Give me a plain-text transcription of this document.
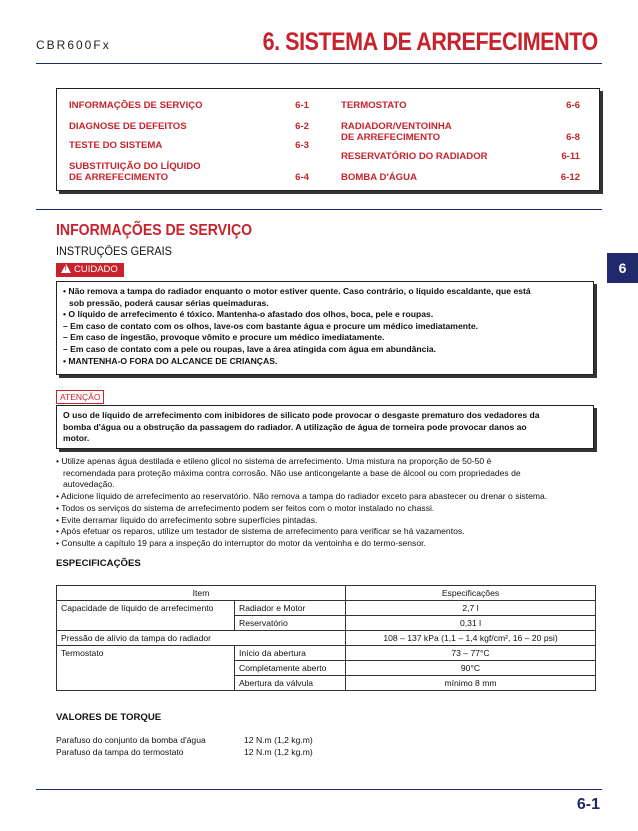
CBR600Fx	6. SISTEMA DE ARREFECIMENTO
INFORMAÇÕES DE SERVIÇO	6-1
DIAGNOSE DE DEFEITOS	6-2
TESTE DO SISTEMA	6-3
SUBSTITUIÇÃO DO LÍQUIDO
DE ARREFECIMENTO	6-4
TERMOSTATO	6-6
RADIADOR/VENTOINHA
DE ARREFECIMENTO	6-8
RESERVATÓRIO DO RADIADOR	6-11
BOMBA D'ÁGUA	6-12
INFORMAÇÕES DE SERVIÇO
INSTRUÇÕES GERAIS
6
!CUIDADO
• Não remova a tampa do radiador enquanto o motor estiver quente. Caso contrário, o líquido escaldante, que está
sob pressão, poderá causar sérias queimaduras.
• O líquido de arrefecimento é tóxico. Mantenha-o afastado dos olhos, boca, pele e roupas.
– Em caso de contato com os olhos, lave-os com bastante água e procure um médico imediatamente.
– Em caso de ingestão, provoque vômito e procure um médico imediatamente.
– Em caso de contato com a pele ou roupas, lave a área atingida com água em abundância.
• MANTENHA-O FORA DO ALCANCE DE CRIANÇAS.
ATENÇÃO
O uso de líquido de arrefecimento com inibidores de silicato pode provocar o desgaste prematuro dos vedadores da
bomba d'água ou a obstrução da passagem do radiador. A utilização de água de torneira pode provocar danos ao
motor.
• Utilize apenas água destilada e etileno glicol no sistema de arrefecimento. Uma mistura na proporção de 50-50 é
recomendada para proteção máxima contra corrosão. Não use anticongelante a base de álcool ou com propriedades de
autovedação.
• Adicione líquido de arrefecimento ao reservatório. Não remova a tampa do radiador exceto para abastecer ou drenar o sistema.
• Todos os serviços do sistema de arrefecimento podem ser feitos com o motor instalado no chassi.
• Evite derramar líquido do arrefecimento sobre superfícies pintadas.
• Após efetuar os reparos, utilize um testador de sistema de arrefecimento para verificar se há vazamentos.
• Consulte a capítulo 19 para a inspeção do interruptor do motor da ventoinha e do termo-sensor.
ESPECIFICAÇÕES
Item		Especificações
Capacidade de líquido de arrefecimento	Radiador e Motor	2,7 l
	Reservatório	0,31 l
Pressão de alívio da tampa do radiador		108 – 137 kPa (1,1 – 1,4 kgf/cm², 16 – 20 psi)
Termostato	Início da abertura	73 – 77°C
	Completamente aberto	90°C
	Abertura da válvula	mínimo 8 mm
VALORES DE TORQUE
Parafuso do conjunto da bomba d'água	12 N.m (1,2 kg.m)
Parafuso da tampa do termostato	12 N.m (1,2 kg.m)
6-1
